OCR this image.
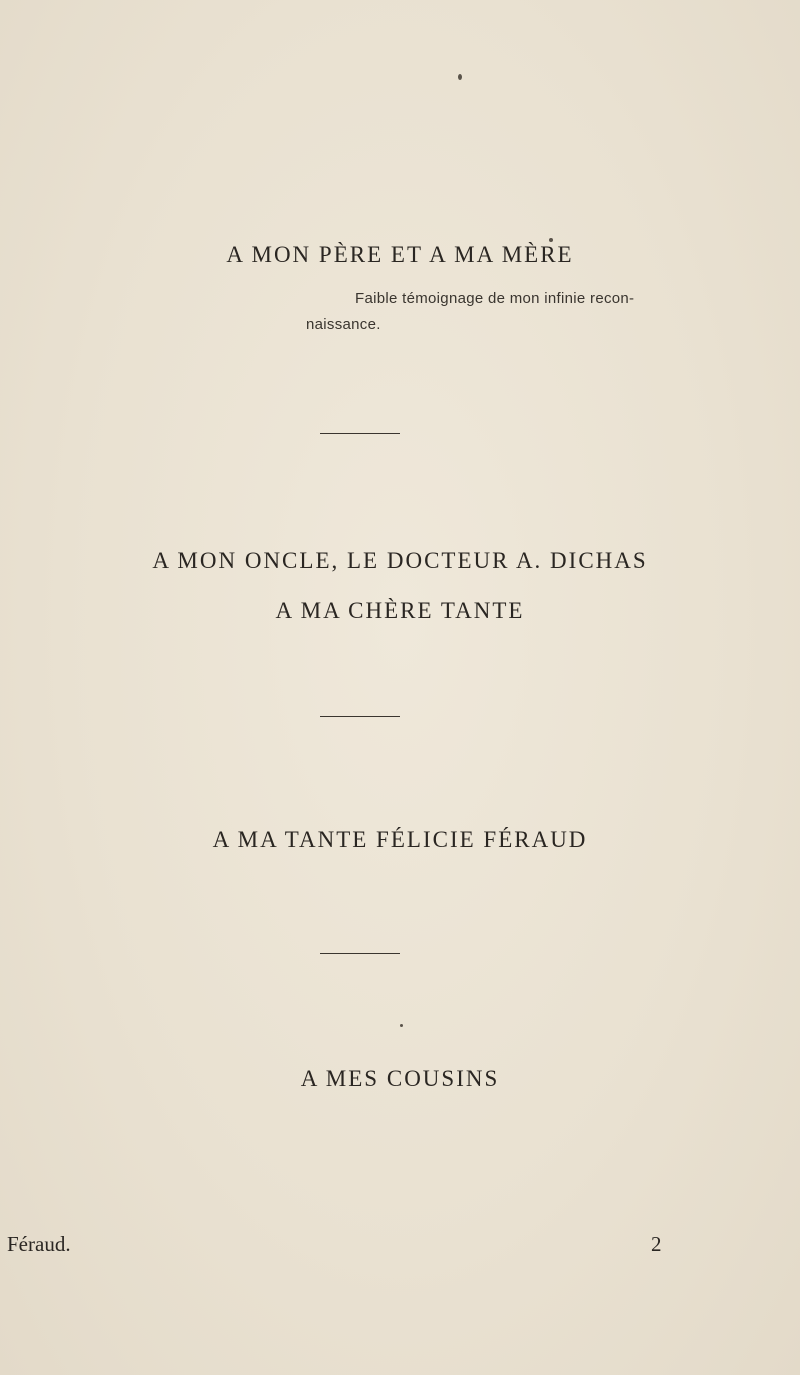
A MON PÈRE ET A MA MÈRE
Faible témoignage de mon infinie recon-
naissance.
A MON ONCLE, LE DOCTEUR A. DICHAS
A MA CHÈRE TANTE
A MA TANTE FÉLICIE FÉRAUD
A MES COUSINS
Féraud.	2
